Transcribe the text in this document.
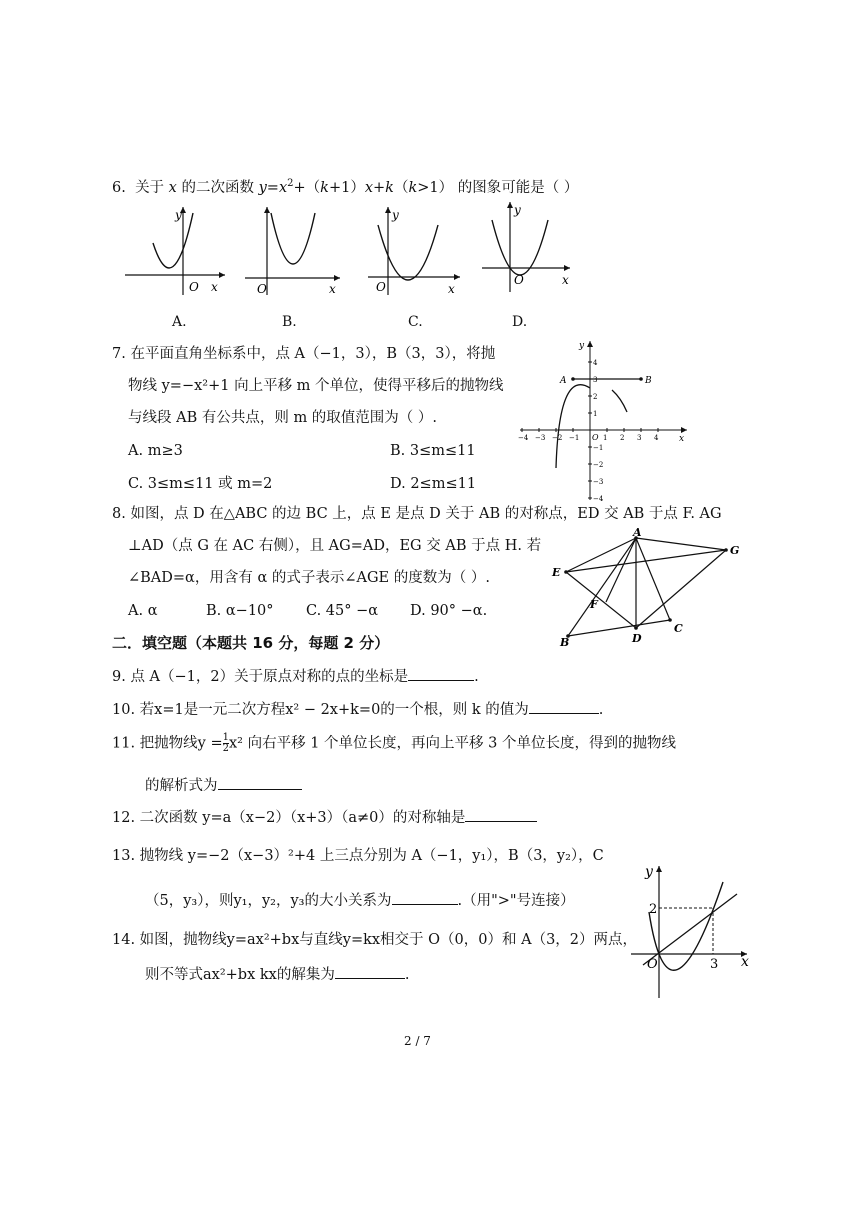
6. 关于 x 的二次函数 $y=x^2+(k+1)x+k(k>1)$ 的图象可能是（ ）
y
O x	O	x
y
O	x
y
O	x
A.	B.	C.	D.
7. 在平面直角坐标系中，点 A（−1，3），B（3，3），将抛
物线 y=−x²+1 向上平移 m 个单位，使得平移后的抛物线
与线段 AB 有公共点，则 m 的取值范围为（ ）.
A. m≥3	B. 3≤m≤11
C. 3≤m≤11 或 m=2	D. 2≤m≤11
−4 −3 −2 −1	1 2 3 4
4
3
2
1
−1
−2
−3
−4
A	B
y
x
O
8. 如图，点 D 在△ABC 的边 BC 上，点 E 是点 D 关于 AB 的对称点，ED 交 AB 于点 F. AG
⊥AD（点 G 在 AC 右侧），且 AG=AD，EG 交 AB 于点 H. 若
∠BAD=α，用含有 α 的式子表示∠AGE 的度数为（ ）.
A. α	B. α−10° C. 45° −α D. 90° −α.
A
E
G
F
B	D
C
二．填空题（本题共 16 分，每题 2 分）
9. 点 A（−1，2）关于原点对称的点的坐标是	.
10. 若x=1是一元二次方程x² − 2x+k=0的一个根，则 k 的值为	.
11. 把抛物线$y = \frac{1}{2} x^2$ 向右平移 1 个单位长度，再向上平移 3 个单位长度，得到的抛物线
的解析式为
12. 二次函数 y=a（x−2）（x+3）（a≠0）的对称轴是
13. 抛物线 y=−2（x−3）²+4 上三点分别为 A（−1，y₁），B（3，y₂），C
（5，y₃），则y₁，y₂，y₃的大小关系为	.（用">"号连接）
14. 如图，抛物线y=ax²+bx与直线y=kx相交于 O（0，0）和 A（3，2）两点，
则不等式ax²+bx kx的解集为	.
y
x
O
2
3
2 / 7
